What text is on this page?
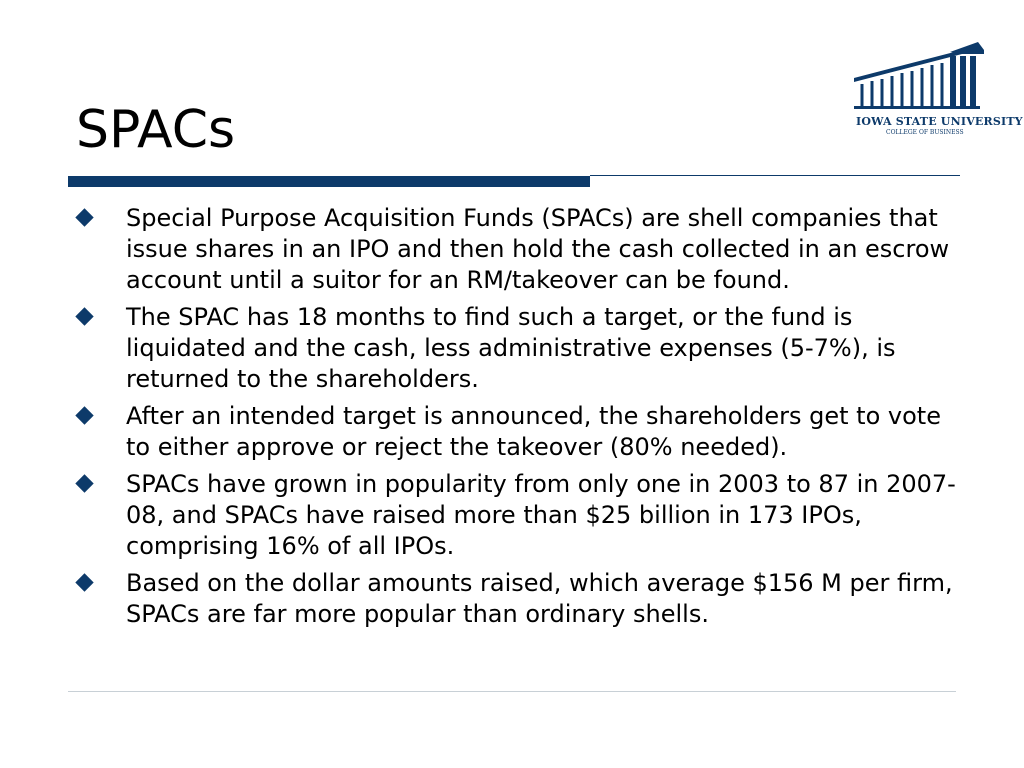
SPACs	IOWA STATE UNIVERSITY
COLLEGE OF BUSINESS
Special Purpose Acquisition Funds (SPACs) are shell companies that issue shares in an IPO and then hold the cash collected in an escrow account until a suitor for an RM/takeover can be found.
The SPAC has 18 months to find such a target, or the fund is liquidated and the cash, less administrative expenses (5-7%), is returned to the shareholders.
After an intended target is announced, the shareholders get to vote to either approve or reject the takeover (80% needed).
SPACs have grown in popularity from only one in 2003 to 87 in 2007-08, and SPACs have raised more than $25 billion in 173 IPOs, comprising 16% of all IPOs.
Based on the dollar amounts raised, which average $156 M per firm, SPACs are far more popular than ordinary shells.
